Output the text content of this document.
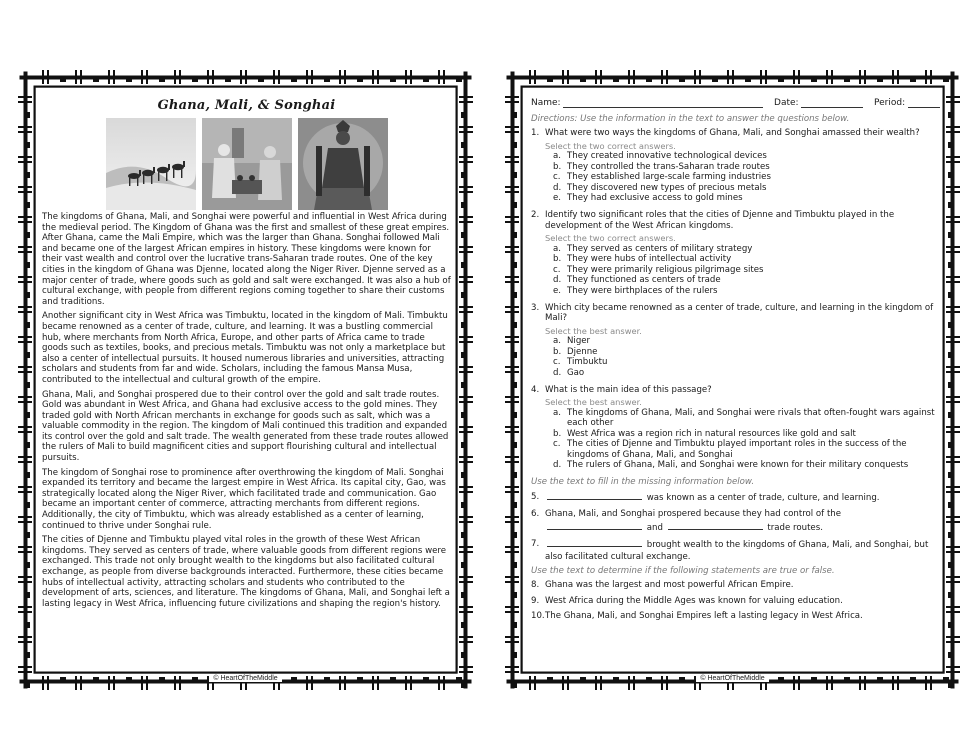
Ghana, Mali, & Songhai

The kingdoms of Ghana, Mali, and Songhai were powerful and influential in West Africa during the medieval period. The Kingdom of Ghana was the first and smallest of these great empires. After Ghana, came the Mali Empire, which was the larger than Ghana. Songhai followed Mali and became one of the largest African empires in history. These kingdoms were known for their vast wealth and control over the lucrative trans-Saharan trade routes. One of the key cities in the kingdom of Ghana was Djenne, located along the Niger River. Djenne served as a major center of trade, where goods such as gold and salt were exchanged. It was also a hub of cultural exchange, with people from different regions coming together to share their customs and traditions.

Another significant city in West Africa was Timbuktu, located in the kingdom of Mali. Timbuktu became renowned as a center of trade, culture, and learning. It was a bustling commercial hub, where merchants from North Africa, Europe, and other parts of Africa came to trade goods such as textiles, books, and precious metals. Timbuktu was not only a marketplace but also a center of intellectual pursuits. It housed numerous libraries and universities, attracting scholars and students from far and wide. Scholars, including the famous Mansa Musa, contributed to the intellectual and cultural growth of the empire.

Ghana, Mali, and Songhai prospered due to their control over the gold and salt trade routes. Gold was abundant in West Africa, and Ghana had exclusive access to the gold mines. They traded gold with North African merchants in exchange for goods such as salt, which was a valuable commodity in the region. The kingdom of Mali continued this tradition and expanded its control over the gold and salt trade. The wealth generated from these trade routes allowed the rulers of Mali to build magnificent cities and support flourishing cultural and intellectual pursuits.

The kingdom of Songhai rose to prominence after overthrowing the kingdom of Mali. Songhai expanded its territory and became the largest empire in West Africa. Its capital city, Gao, was strategically located along the Niger River, which facilitated trade and communication. Gao became an important center of commerce, attracting merchants from different regions. Additionally, the city of Timbuktu, which was already established as a center of learning, continued to thrive under Songhai rule.

The cities of Djenne and Timbuktu played vital roles in the growth of these West African kingdoms. They served as centers of trade, where valuable goods from different regions were exchanged. This trade not only brought wealth to the kingdoms but also facilitated cultural exchange, as people from diverse backgrounds interacted. Furthermore, these cities became hubs of intellectual activity, attracting scholars and students who contributed to the development of arts, sciences, and literature. The kingdoms of Ghana, Mali, and Songhai left a lasting legacy in West Africa, influencing future civilizations and shaping the region's history.

© HeartOfTheMiddle
Name:	Date:	Period:
Directions: Use the information in the text to answer the questions below.
1. What were two ways the kingdoms of Ghana, Mali, and Songhai amassed their wealth?
Select the two correct answers.
a. They created innovative technological devices
b. They controlled the trans-Saharan trade routes
c. They established large-scale farming industries
d. They discovered new types of precious metals
e. They had exclusive access to gold mines
2. Identify two significant roles that the cities of Djenne and Timbuktu played in the development of the West African kingdoms.
Select the two correct answers.
a. They served as centers of military strategy
b. They were hubs of intellectual activity
c. They were primarily religious pilgrimage sites
d. They functioned as centers of trade
e. They were birthplaces of the rulers
3. Which city became renowned as a center of trade, culture, and learning in the kingdom of Mali?
Select the best answer.
a. Niger
b. Djenne
c. Timbuktu
d. Gao
4. What is the main idea of this passage?
Select the best answer.
a. The kingdoms of Ghana, Mali, and Songhai were rivals that often-fought wars against each other
b. West Africa was a region rich in natural resources like gold and salt
c. The cities of Djenne and Timbuktu played important roles in the success of the kingdoms of Ghana, Mali, and Songhai
d. The rulers of Ghana, Mali, and Songhai were known for their military conquests
Use the text to fill in the missing information below.
5.	was known as a center of trade, culture, and learning.
6. Ghana, Mali, and Songhai prospered because they had control of the
and	trade routes.
7.	brought wealth to the kingdoms of Ghana, Mali, and Songhai, but also facilitated cultural exchange.
Use the text to determine if the following statements are true or false.
8. Ghana was the largest and most powerful African Empire.
9. West Africa during the Middle Ages was known for valuing education.
10. The Ghana, Mali, and Songhai Empires left a lasting legacy in West Africa.
© HeartOfTheMiddle
